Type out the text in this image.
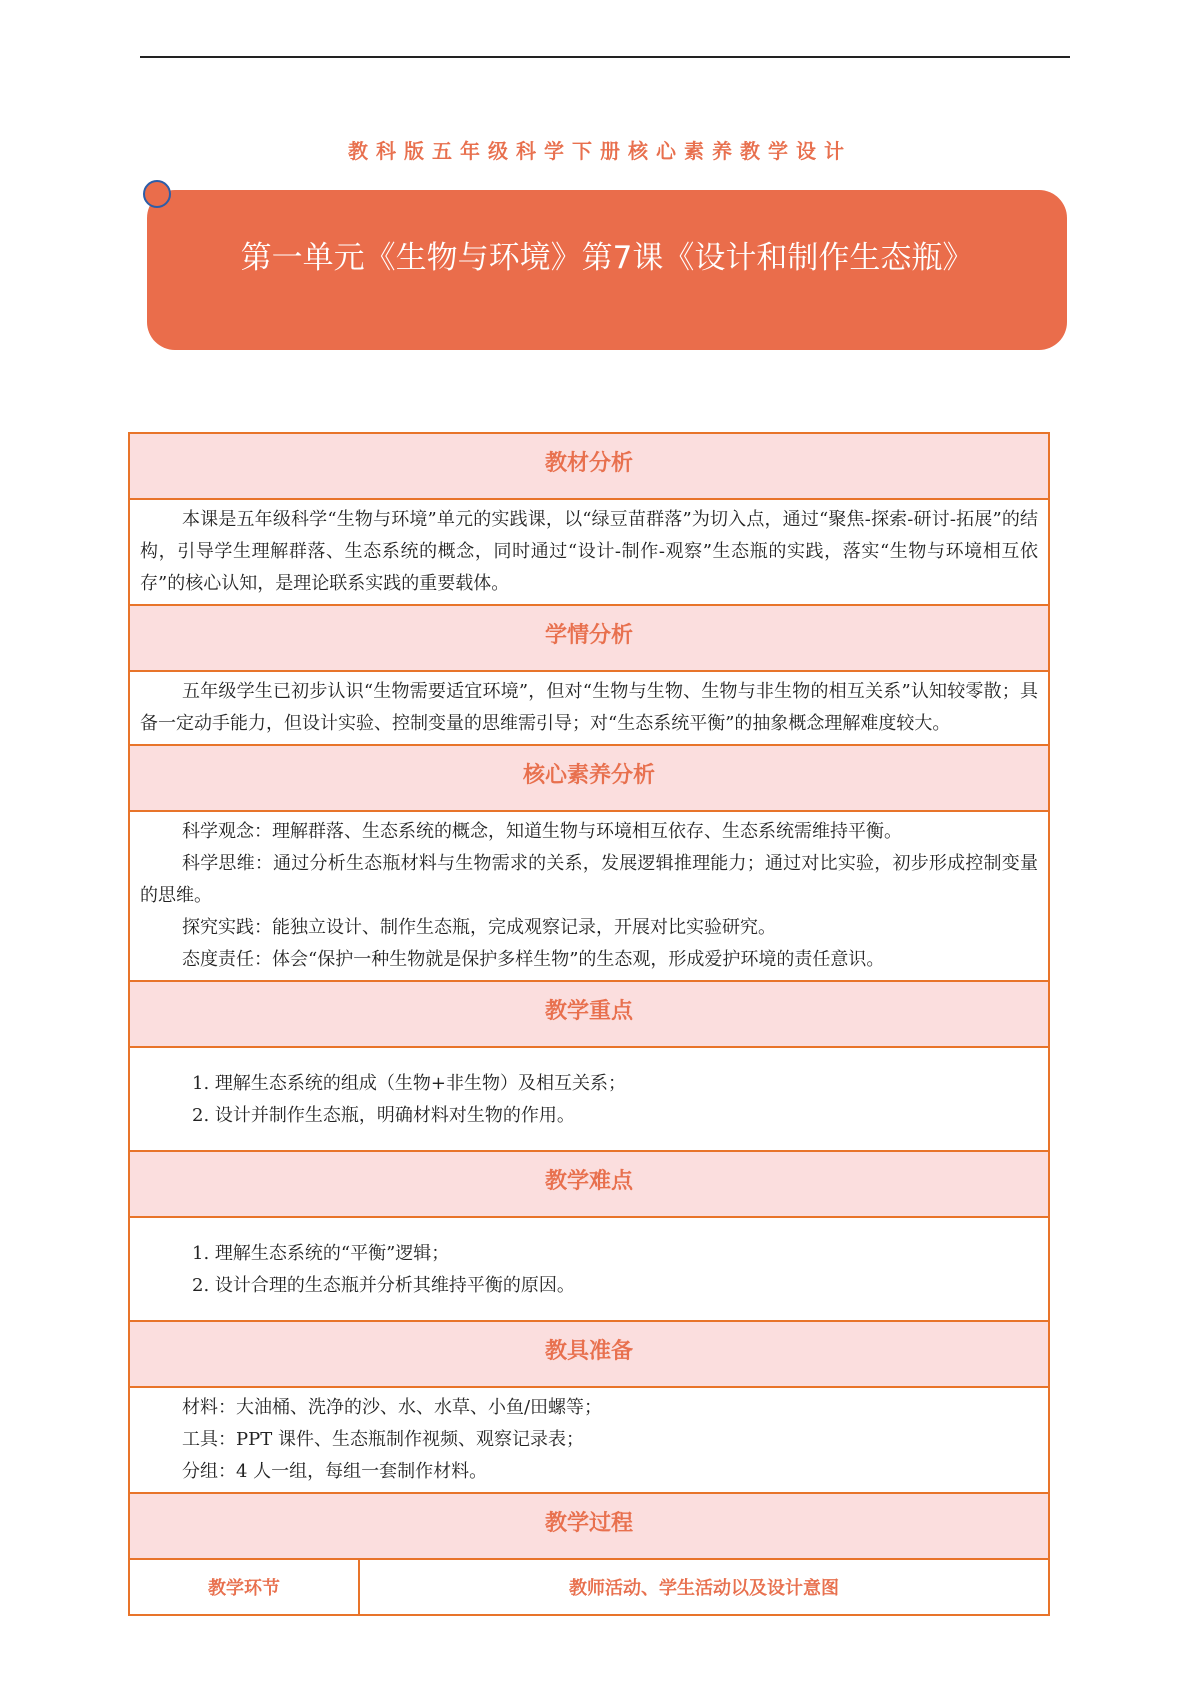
教科版五年级科学下册核心素养教学设计
第一单元《生物与环境》第7课《设计和制作生态瓶》
教材分析

本课是五年级科学“生物与环境”单元的实践课，以“绿豆苗群落”为切入点，通过“聚焦-探索-研讨-拓展”的结构，引导学生理解群落、生态系统的概念，同时通过“设计-制作-观察”生态瓶的实践，落实“生物与环境相互依存”的核心认知，是理论联系实践的重要载体。

学情分析

五年级学生已初步认识“生物需要适宜环境”，但对“生物与生物、生物与非生物的相互关系”认知较零散；具备一定动手能力，但设计实验、控制变量的思维需引导；对“生态系统平衡”的抽象概念理解难度较大。

核心素养分析

科学观念：理解群落、生态系统的概念，知道生物与环境相互依存、生态系统需维持平衡。

科学思维：通过分析生态瓶材料与生物需求的关系，发展逻辑推理能力；通过对比实验，初步形成控制变量的思维。

探究实践：能独立设计、制作生态瓶，完成观察记录，开展对比实验研究。

态度责任：体会“保护一种生物就是保护多样生物”的生态观，形成爱护环境的责任意识。

教学重点
1. 理解生态系统的组成（生物+非生物）及相互关系；
2. 设计并制作生态瓶，明确材料对生物的作用。
教学难点
1. 理解生态系统的“平衡”逻辑；
2. 设计合理的生态瓶并分析其维持平衡的原因。
教具准备

材料：大油桶、洗净的沙、水、水草、小鱼/田螺等；

工具：PPT 课件、生态瓶制作视频、观察记录表；

分组：4 人一组，每组一套制作材料。

教学过程
教学环节	教师活动、学生活动以及设计意图
